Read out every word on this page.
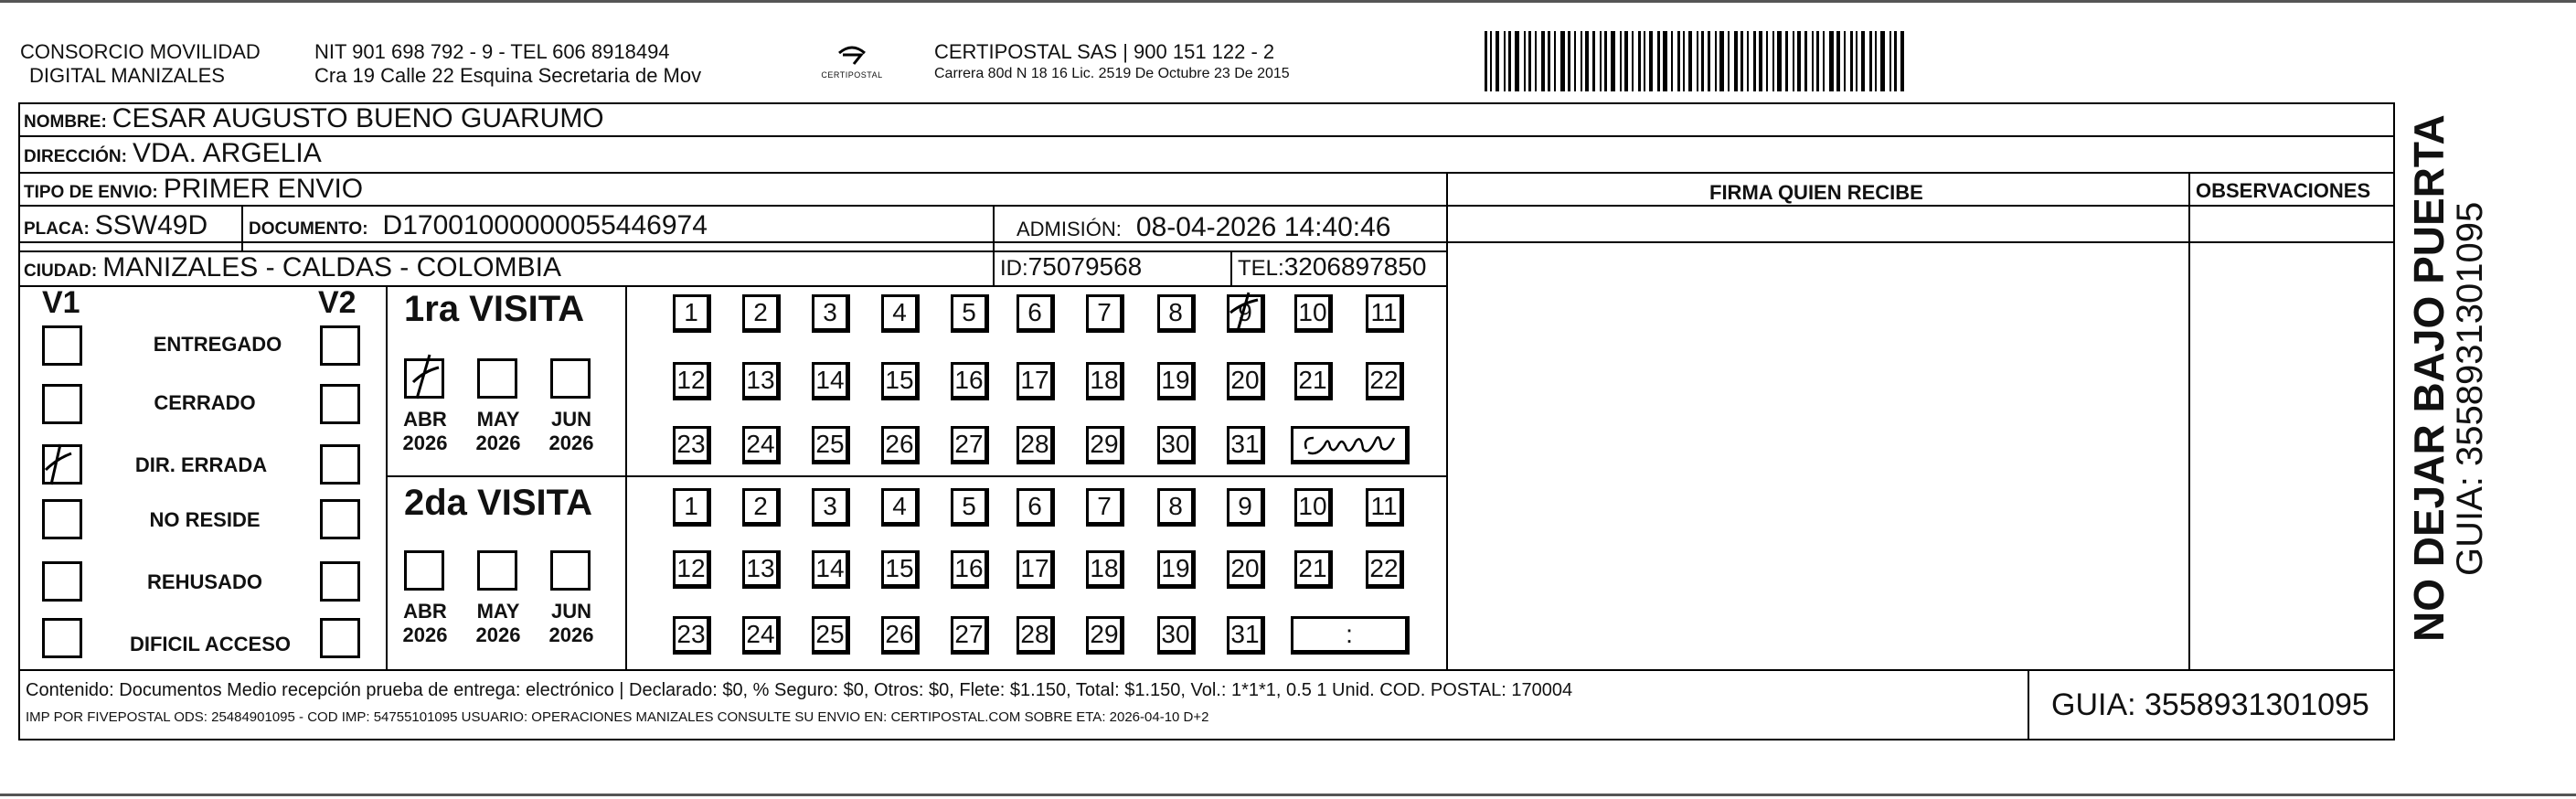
CONSORCIO MOVILIDAD
DIGITAL MANIZALES
NIT 901 698 792 - 9 - TEL 606 8918494
Cra 19 Calle 22 Esquina Secretaria de Mov	CERTIPOSTAL
CERTIPOSTAL SAS | 900 151 122 - 2
Carrera 80d N 18 16 Lic. 2519 De Octubre 23 De 2015
NOMBRE: CESAR AUGUSTO BUENO GUARUMO
DIRECCIÓN: VDA. ARGELIA
TIPO DE ENVIO: PRIMER ENVIO
PLACA: SSW49D DOCUMENTO: D17001000000055446974	ADMISIÓN: 08-04-2026 14:40:46
CIUDAD: MANIZALES - CALDAS - COLOMBIA	ID: 75079568	TEL: 3206897850
FIRMA QUIEN RECIBE	OBSERVACIONES
V1	V2
ENTREGADO
CERRADO
DIR. ERRADA
NO RESIDE
REHUSADO
DIFICIL ACCESO
1ra VISITA
ABR
2026
MAY
2026
JUN
2026
2da VISITA
ABR
2026
MAY
2026
JUN
2026
1	2	3	4	5	6	7	8	9	10 11
12 13 14 15 16 17 18 19 20 21 22
23 24 25 26 27 28 29 30 31
1	2	3	4	5	6	7	8	9	10 11
12 13 14 15 16 17 18 19 20 21 22
23 24 25 26 27 28 29 30 31	:
Contenido: Documentos Medio recepción prueba de entrega: electrónico | Declarado: $0, % Seguro: $0, Otros: $0, Flete: $1.150, Total: $1.150, Vol.: 1*1*1, 0.5 1 Unid. COD. POSTAL: 170004
IMP POR FIVEPOSTAL ODS: 25484901095 - COD IMP: 54755101095 USUARIO: OPERACIONES MANIZALES CONSULTE SU ENVIO EN: CERTIPOSTAL.COM SOBRE ETA: 2026-04-10 D+2	GUIA: 3558931301095
NO DEJAR BAJO PUERTA
GUIA: 3558931301095
